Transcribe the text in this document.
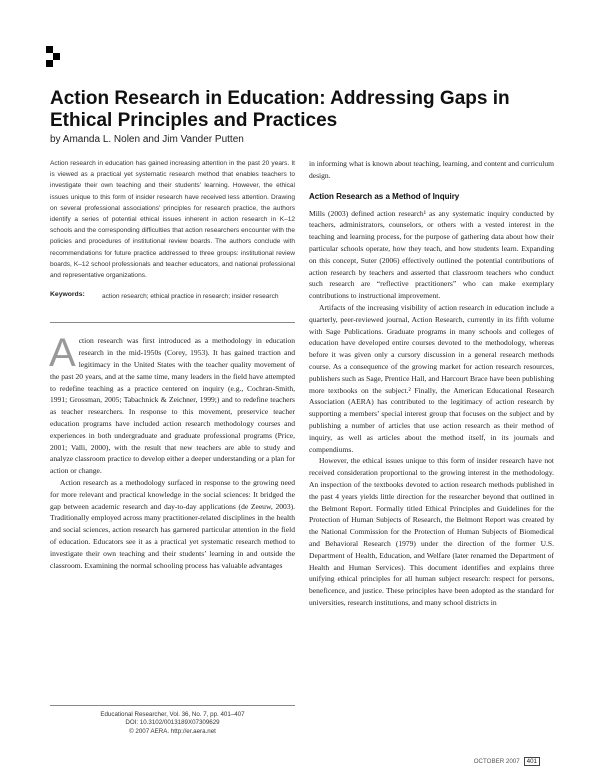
Action Research in Education: Addressing Gaps in Ethical Principles and Practices

by Amanda L. Nolen and Jim Vander Putten

Action research in education has gained increasing attention in the past 20 years. It is viewed as a practical yet systematic research method that enables teachers to investigate their own teaching and their students’ learning. However, the ethical issues unique to this form of insider research have received less attention. Drawing on several professional associations’ principles for research practice, the authors identify a series of potential ethical issues inherent in action research in K–12 schools and the corresponding difficulties that action researchers encounter with the policies and procedures of institutional review boards. The authors conclude with recommendations for future practice addressed to three groups: institutional review boards, K–12 school professionals and teacher educators, and national professional and representative organizations.

Keywords:	action research; ethical practice in research; insider research

Action research was first introduced as a methodology in education research in the mid-1950s (Corey, 1953). It has gained traction and legitimacy in the United States with the teacher quality movement of the past 20 years, and at the same time, many leaders in the field have attempted to redefine teaching as a practice centered on inquiry (e.g., Cochran-Smith, 1991; Grossman, 2005; Tabachnick & Zeichner, 1999;) and to redefine teachers as teacher researchers. In response to this movement, preservice teacher education programs have included action research methodology courses and experiences in both undergraduate and graduate professional programs (Price, 2001; Valli, 2000), with the result that new teachers are able to study and analyze classroom practice to develop either a deeper understanding or a plan for action or change.

Action research as a methodology surfaced in response to the growing need for more relevant and practical knowledge in the social sciences: It bridged the gap between academic research and day-to-day applications (de Zeeuw, 2003). Traditionally employed across many practitioner-related disciplines in the health and social sciences, action research has garnered particular attention in the field of education. Educators see it as a practical yet systematic research method to investigate their own teaching and their students’ learning in and outside the classroom. Examining the normal schooling process has valuable advantages

in informing what is known about teaching, learning, and content and curriculum design.

Action Research as a Method of Inquiry

Mills (2003) defined action research¹ as any systematic inquiry conducted by teachers, administrators, counselors, or others with a vested interest in the teaching and learning process, for the purpose of gathering data about how their particular schools operate, how they teach, and how students learn. Expanding on this concept, Suter (2006) effectively outlined the potential contributions of action research by teachers and asserted that classroom teachers who conduct such research are “reflective practitioners” who can make exemplary contributions to instructional improvement.

Artifacts of the increasing visibility of action research in education include a quarterly, peer-reviewed journal, Action Research, currently in its fifth volume with Sage Publications. Graduate programs in many schools and colleges of education have developed entire courses devoted to the methodology, whereas before it was given only a cursory discussion in a general research methods course. As a consequence of the growing market for action research resources, publishers such as Sage, Prentice Hall, and Harcourt Brace have been publishing more textbooks on the subject.² Finally, the American Educational Research Association (AERA) has contributed to the legitimacy of action research by supporting a members’ special interest group that focuses on the subject and by publishing a number of articles that use action research as their method of inquiry, as well as articles about the method itself, in its journals and compendiums.

However, the ethical issues unique to this form of insider research have not received consideration proportional to the growing interest in the methodology. An inspection of the textbooks devoted to action research methods published in the past 4 years yields little direction for the researcher beyond that outlined in the Belmont Report. Formally titled Ethical Principles and Guidelines for the Protection of Human Subjects of Research, the Belmont Report was created by the National Commission for the Protection of Human Subjects of Biomedical and Behavioral Research (1979) under the direction of the former U.S. Department of Health, Education, and Welfare (later renamed the Department of Health and Human Services). This document identifies and explains three unifying ethical principles for all human subject research: respect for persons, beneficence, and justice. These principles have been adopted as the standard for universities, research institutions, and many school districts in

Educational Researcher, Vol. 36, No. 7, pp. 401–407
DOI: 10.3102/0013189X07309629
© 2007 AERA. http://er.aera.net
OCTOBER 2007	401
